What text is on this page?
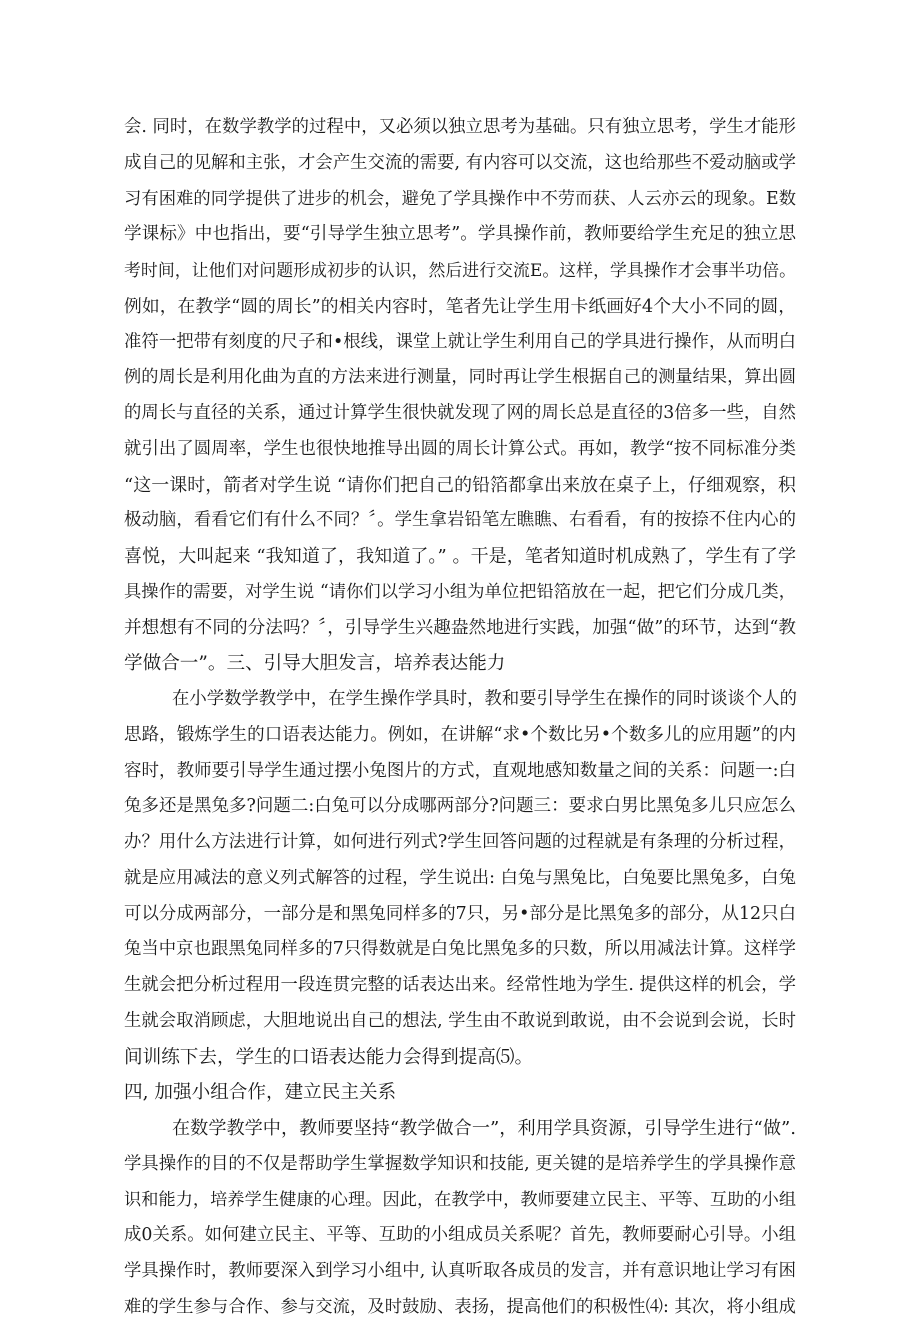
会. 同时，在数学教学的过程中，又必须以独立思考为基础。只有独立思考，学生才能形
成自己的见解和主张，才会产生交流的需要, 有内容可以交流，这也给那些不爱动脑或学
习有困难的同学提供了进步的机会，避免了学具操作中不劳而获、人云亦云的现象。E数
学课标》中也指出，要“引导学生独立思考”。学具操作前，教师要给学生充足的独立思
考时间，让他们对问题形成初步的认识，然后进行交流E。这样，学具操作才会事半功倍。
例如，在教学“圆的周长”的相关内容时，笔者先让学生用卡纸画好4个大小不同的圆，
准符一把带有刻度的尺子和•根线，课堂上就让学生利用自己的学具进行操作，从而明白
例的周长是利用化曲为直的方法来进行测量，同时再让学生根据自己的测量结果，算出圆
的周长与直径的关系，通过计算学生很快就发现了网的周长总是直径的3倍多一些，自然
就引出了圆周率，学生也很快地推导出圆的周长计算公式。再如，教学“按不同标准分类
“这一课时，箭者对学生说 “请你们把自己的铅箔都拿出来放在桌子上，仔细观察，积
极动脑，看看它们有什么不同？〞。学生拿岩铅笔左瞧瞧、右看看，有的按捺不住内心的
喜悦，大叫起来 “我知道了，我知道了。” 。干是，笔者知道时机成熟了，学生有了学
具操作的需要，对学生说 “请你们以学习小组为单位把铅箔放在一起，把它们分成几类，
并想想有不同的分法吗？〞，引导学生兴趣盎然地进行实践，加强“做”的环节，达到“教
学做合一”。三、引导大胆发言，培养表达能力
在小学数学教学中，在学生操作学具时，教和要引导学生在操作的同时谈谈个人的
思路，锻炼学生的口语表达能力。例如，在讲解“求•个数比另•个数多儿的应用题”的内
容时，教师要引导学生通过摆小兔图片的方式，直观地感知数量之间的关系：问题一:白
兔多还是黑兔多?问题二:白兔可以分成哪两部分?问题三：要求白男比黑兔多儿只应怎么
办？用什么方法进行计算，如何进行列式?学生回答问题的过程就是有条理的分析过程，
就是应用减法的意义列式解答的过程，学生说出: 白兔与黑兔比，白兔要比黑兔多，白兔
可以分成两部分，一部分是和黑兔同样多的7只，另•部分是比黑兔多的部分，从12只白
兔当中京也跟黑兔同样多的7只得数就是白兔比黑兔多的只数，所以用减法计算。这样学
生就会把分析过程用一段连贯完整的话表达出来。经常性地为学生. 提供这样的机会，学
生就会取消顾虑，大胆地说出自己的想法, 学生由不敢说到敢说，由不会说到会说，长时
间训练下去，学生的口语表达能力会得到提高⑸。
四, 加强小组合作，建立民主关系
在数学教学中，教师要坚持“教学做合一”，利用学具资源，引导学生进行“做”.
学具操作的目的不仅是帮助学生掌握数学知识和技能, 更关键的是培养学生的学具操作意
识和能力，培养学生健康的心理。因此，在教学中，教师要建立民主、平等、互助的小组
成0关系。如何建立民主、平等、互助的小组成员关系呢？首先，教师要耐心引导。小组
学具操作时，教师要深入到学习小组中, 认真听取各成员的发言，并有意识地让学习有困
难的学生参与合作、参与交流，及时鼓励、表扬，提高他们的积极性⑷: 其次，将小组成
